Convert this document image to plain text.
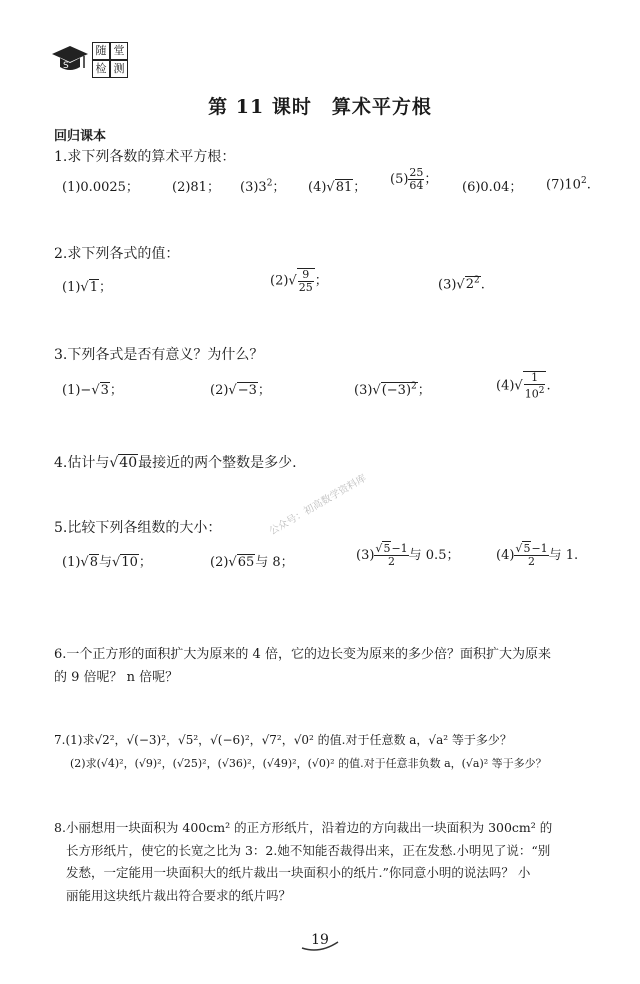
S
随 堂
检 测
第 11 课时　算术平方根
回归课本
1.求下列各数的算术平方根：
(1)0.0025；	(2)81； $(3)3^2$； (4)√81；
$(5) \frac{25}{64}$ ；
(6)0.04； $(7)10^2$.
2.求下列各式的值：
(1)√1；	$(2)√ \frac{9}{25}$ ；	$(3)√2^2$.
3.下列各式是否有意义？为什么？
(1)−√3；	(2)√−3；	$(3)√(-3)^2$；	$(4)√ \frac{1}{10^2}$ .
4.估计与√40最接近的两个整数是多少.
5.比较下列各组数的大小：
(1)√8与√10；	(2)√65与 8；	$(3) \frac{√5-1}{2}$ 与 0.5；	$(4) \frac{√5-1}{2}$ 与 1.
6.一个正方形的面积扩大为原来的 4 倍，它的边长变为原来的多少倍？面积扩大为原来
的 9 倍呢？ n 倍呢？
7.(1)求√2²，√(−3)²，√5²，√(−6)²，√7²，√0² 的值.对于任意数 a，√a² 等于多少？
(2)求(√4)²，(√9)²，(√25)²，(√36)²，(√49)²，(√0)² 的值.对于任意非负数 a，(√a)² 等于多少？
8.小丽想用一块面积为 400cm² 的正方形纸片，沿着边的方向裁出一块面积为 300cm² 的
长方形纸片，使它的长宽之比为 3：2.她不知能否裁得出来，正在发愁.小明见了说：“别
发愁，一定能用一块面积大的纸片裁出一块面积小的纸片.”你同意小明的说法吗？ 小
丽能用这块纸片裁出符合要求的纸片吗？
公众号：初高数学资料库
19
